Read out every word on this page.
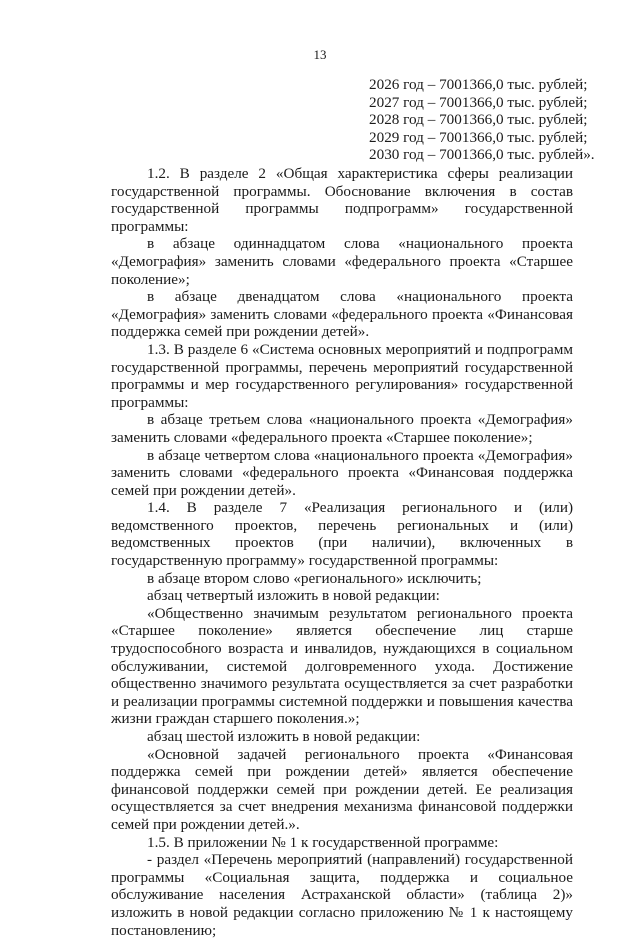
13
2026 год – 7001366,0 тыс. рублей;
2027 год – 7001366,0 тыс. рублей;
2028 год – 7001366,0 тыс. рублей;
2029 год – 7001366,0 тыс. рублей;
2030 год – 7001366,0 тыс. рублей».

1.2. В разделе 2 «Общая характеристика сферы реализации государственной программы. Обоснование включения в состав государственной программы подпрограмм» государственной программы:

в абзаце одиннадцатом слова «национального проекта «Демография» заменить словами «федерального проекта «Старшее поколение»;

в абзаце двенадцатом слова «национального проекта «Демография» заменить словами «федерального проекта «Финансовая поддержка семей при рождении детей».

1.3. В разделе 6 «Система основных мероприятий и подпрограмм государственной программы, перечень мероприятий государственной программы и мер государственного регулирования» государственной программы:

в абзаце третьем слова «национального проекта «Демография» заменить словами «федерального проекта «Старшее поколение»;

в абзаце четвертом слова «национального проекта «Демография» заменить словами «федерального проекта «Финансовая поддержка семей при рождении детей».

1.4. В разделе 7 «Реализация регионального и (или) ведомственного проектов, перечень региональных и (или) ведомственных проектов (при наличии), включенных в государственную программу» государственной программы:

в абзаце втором слово «регионального» исключить;

абзац четвертый изложить в новой редакции:

«Общественно значимым результатом регионального проекта «Старшее поколение» является обеспечение лиц старше трудоспособного возраста и инвалидов, нуждающихся в социальном обслуживании, системой долговременного ухода. Достижение общественно значимого результата осуществляется за счет разработки и реализации программы системной поддержки и повышения качества жизни граждан старшего поколения.»;

абзац шестой изложить в новой редакции:

«Основной задачей регионального проекта «Финансовая поддержка семей при рождении детей» является обеспечение финансовой поддержки семей при рождении детей. Ее реализация осуществляется за счет внедрения механизма финансовой поддержки семей при рождении детей.».

1.5. В приложении № 1 к государственной программе:

- раздел «Перечень мероприятий (направлений) государственной программы «Социальная защита, поддержка и социальное обслуживание населения Астраханской области» (таблица 2)» изложить в новой редакции согласно приложению № 1 к настоящему постановлению;
